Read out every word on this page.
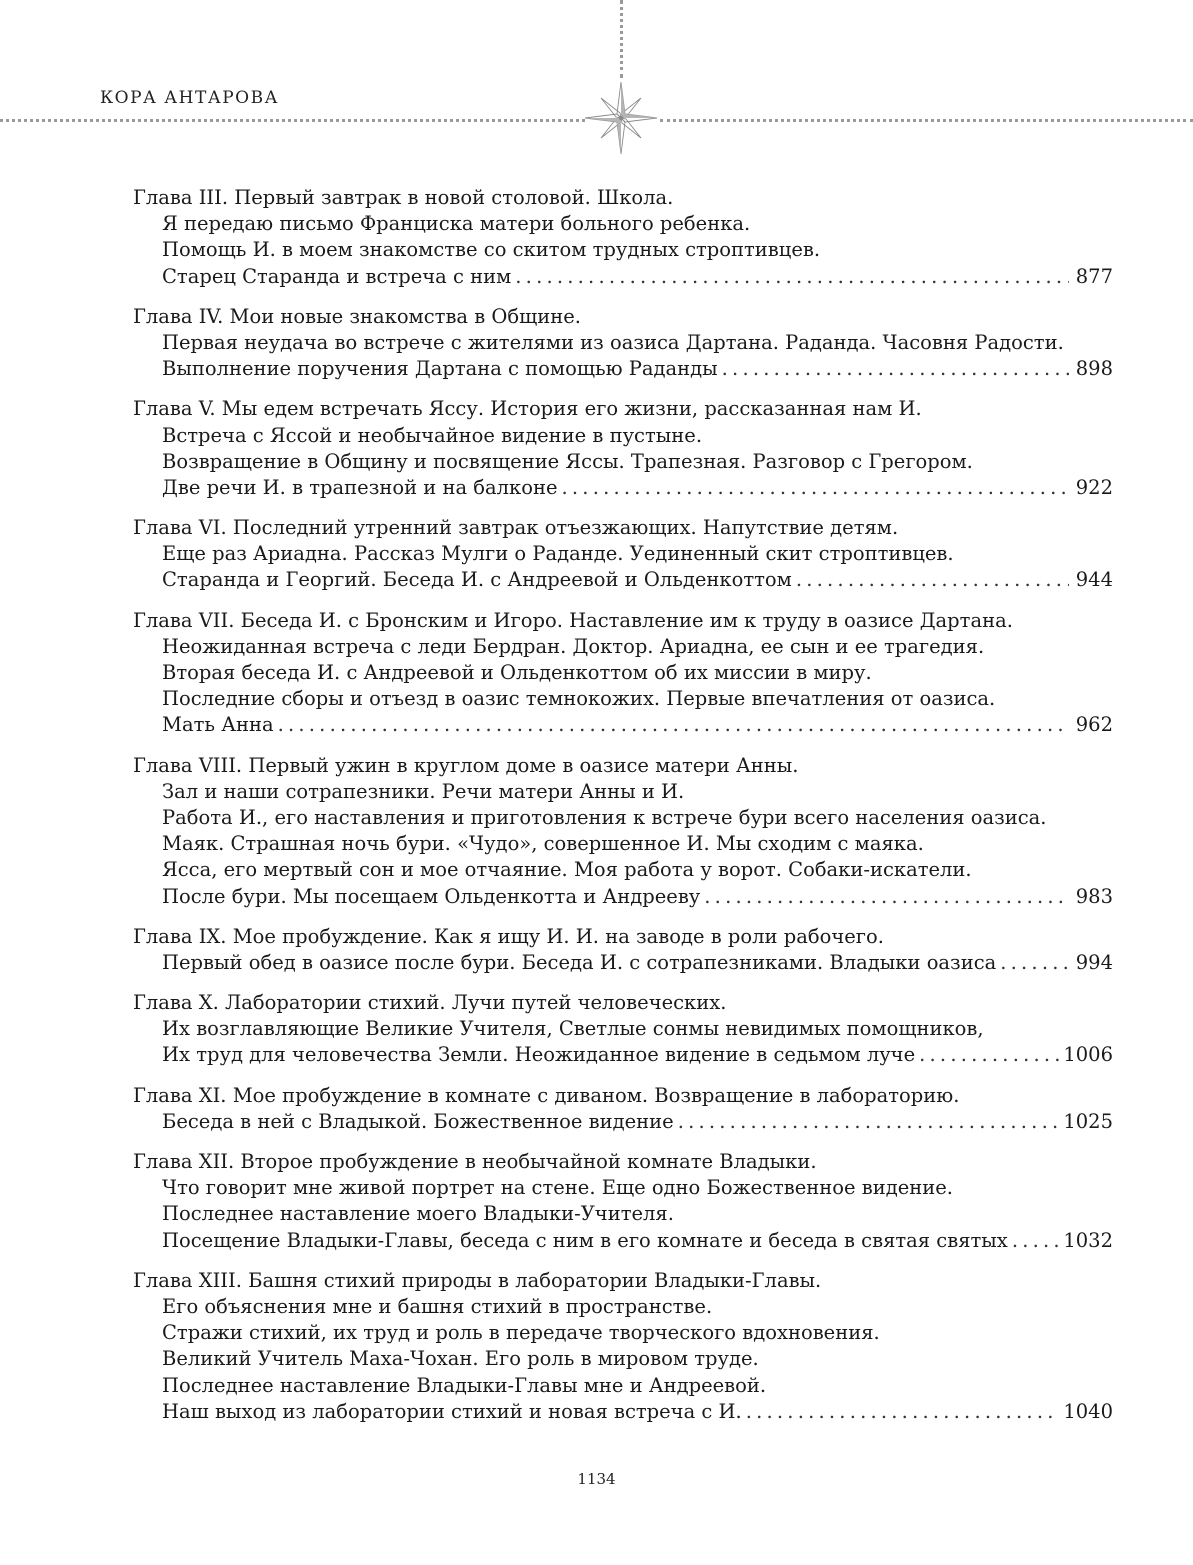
КОРА АНТАРОВА
Глава III. Первый завтрак в новой столовой. Школа.
Я передаю письмо Франциска матери больного ребенка.
Помощь И. в моем знакомстве со скитом трудных строптивцев.
Старец Старанда и встреча с ним . . .	877
Глава IV. Мои новые знакомства в Общине.
Первая неудача во встрече с жителями из оазиса Дартана. Раданда. Часовня Радости.
Выполнение поручения Дартана с помощью Раданды . . .	898
Глава V. Мы едем встречать Яссу. История его жизни, рассказанная нам И.
Встреча с Яссой и необычайное видение в пустыне.
Возвращение в Общину и посвящение Яссы. Трапезная. Разговор с Грегором.
Две речи И. в трапезной и на балконе . . .	922
Глава VI. Последний утренний завтрак отъезжающих. Напутствие детям.
Еще раз Ариадна. Рассказ Мулги о Раданде. Уединенный скит строптивцев.
Старанда и Георгий. Беседа И. с Андреевой и Ольденкоттом . . .	944
Глава VII. Беседа И. с Бронским и Игоро. Наставление им к труду в оазисе Дартана.
Неожиданная встреча с леди Бердран. Доктор. Ариадна, ее сын и ее трагедия.
Вторая беседа И. с Андреевой и Ольденкоттом об их миссии в миру.
Последние сборы и отъезд в оазис темнокожих. Первые впечатления от оазиса.
Мать Анна . . .	962
Глава VIII. Первый ужин в круглом доме в оазисе матери Анны.
Зал и наши сотрапезники. Речи матери Анны и И.
Работа И., его наставления и приготовления к встрече бури всего населения оазиса.
Маяк. Страшная ночь бури. «Чудо», совершенное И. Мы сходим с маяка.
Ясса, его мертвый сон и мое отчаяние. Моя работа у ворот. Собаки-искатели.
После бури. Мы посещаем Ольденкотта и Андрееву . . .	983
Глава IX. Мое пробуждение. Как я ищу И. И. на заводе в роли рабочего.
Первый обед в оазисе после бури. Беседа И. с сотрапезниками. Владыки оазиса . . .	994
Глава X. Лаборатории стихий. Лучи путей человеческих.
Их возглавляющие Великие Учителя, Светлые сонмы невидимых помощников,
Их труд для человечества Земли. Неожиданное видение в седьмом луче . . .	1006
Глава XI. Мое пробуждение в комнате с диваном. Возвращение в лабораторию.
Беседа в ней с Владыкой. Божественное видение . . .	1025
Глава XII. Второе пробуждение в необычайной комнате Владыки.
Что говорит мне живой портрет на стене. Еще одно Божественное видение.
Последнее наставление моего Владыки-Учителя.
Посещение Владыки-Главы, беседа с ним в его комнате и беседа в святая святых . . .	1032
Глава XIII. Башня стихий природы в лаборатории Владыки-Главы.
Его объяснения мне и башня стихий в пространстве.
Стражи стихий, их труд и роль в передаче творческого вдохновения.
Великий Учитель Маха-Чохан. Его роль в мировом труде.
Последнее наставление Владыки-Главы мне и Андреевой.
Наш выход из лаборатории стихий и новая встреча с И. . . .	1040
1134
